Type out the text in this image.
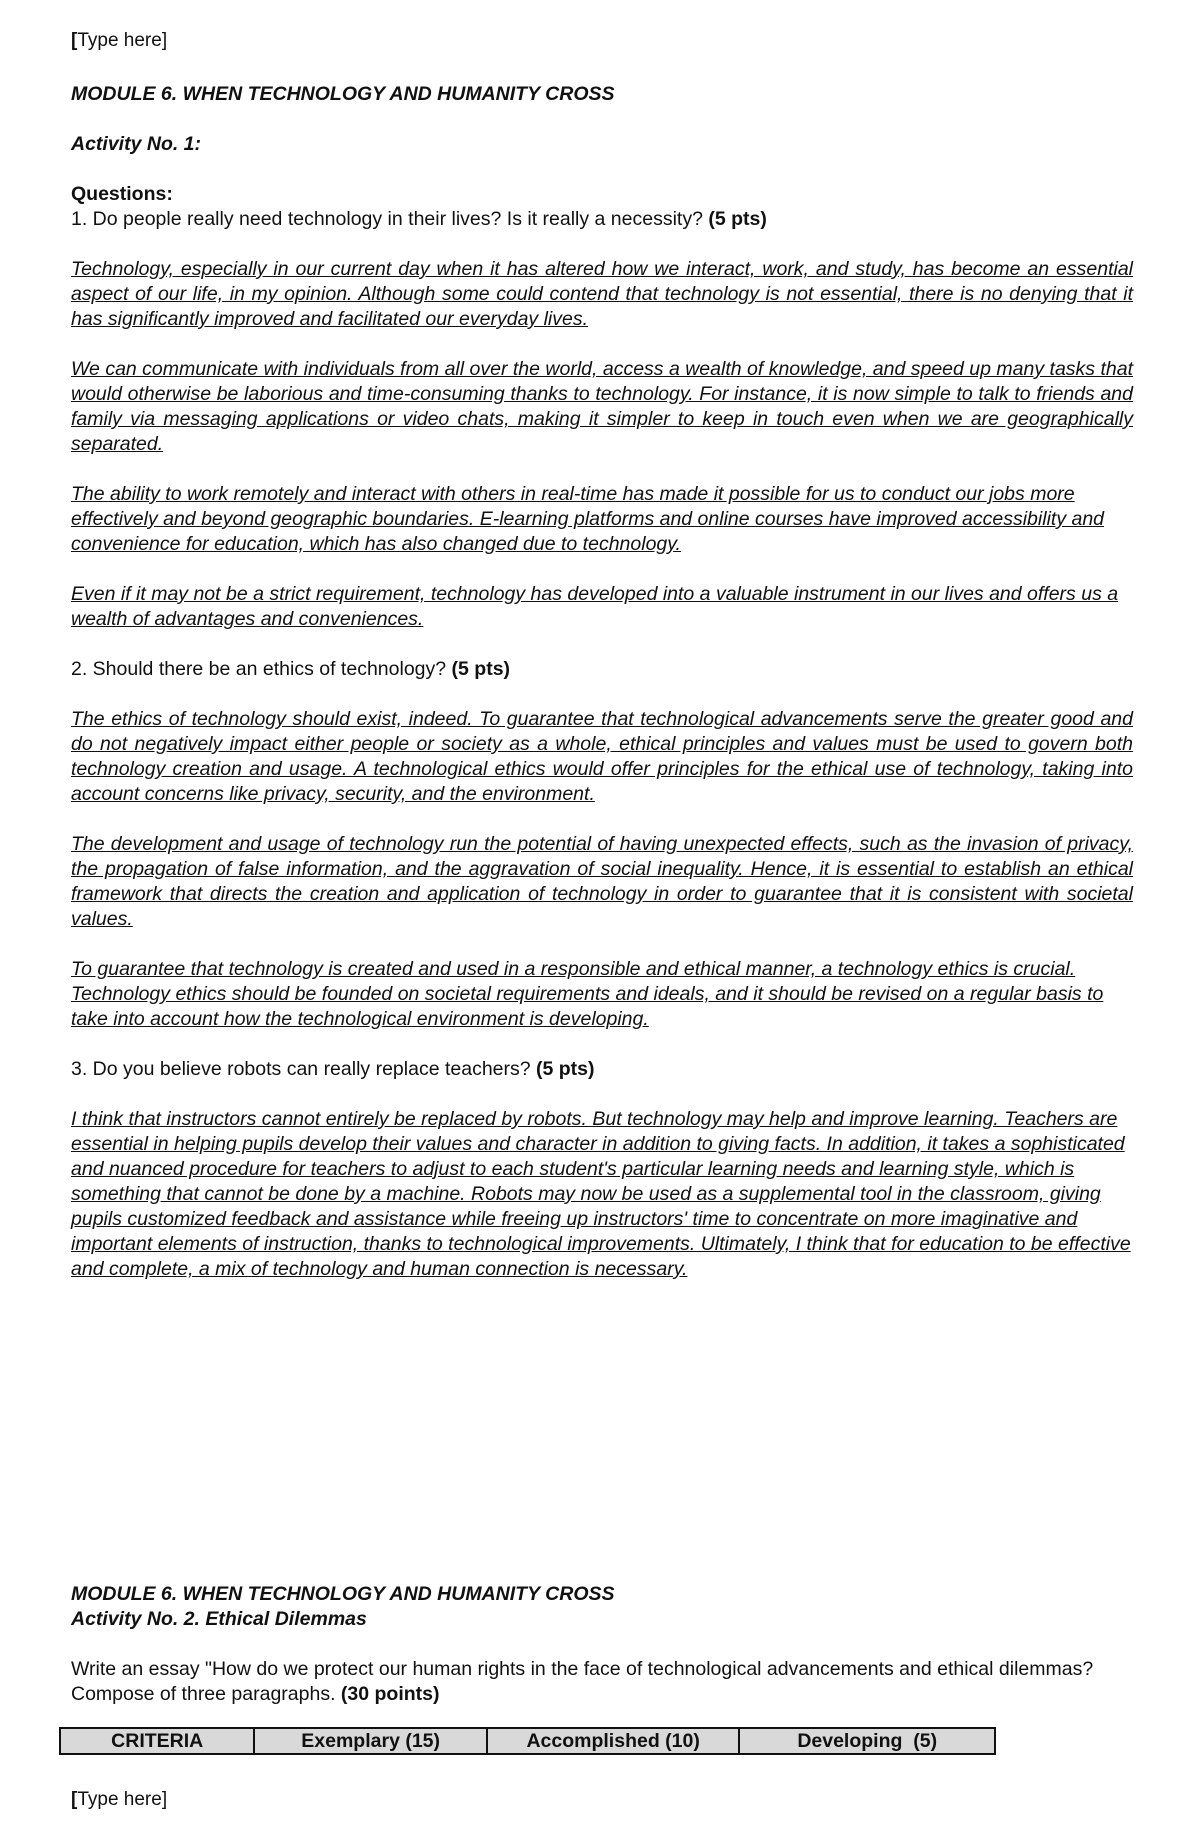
[Type here]
MODULE 6. WHEN TECHNOLOGY AND HUMANITY CROSS
Activity No. 1:
Questions:
1. Do people really need technology in their lives? Is it really a necessity? (5 pts)
Technology, especially in our current day when it has altered how we interact, work, and study, has become an essential aspect of our life, in my opinion. Although some could contend that technology is not essential, there is no denying that it has significantly improved and facilitated our everyday lives.
We can communicate with individuals from all over the world, access a wealth of knowledge, and speed up many tasks that would otherwise be laborious and time-consuming thanks to technology. For instance, it is now simple to talk to friends and family via messaging applications or video chats, making it simpler to keep in touch even when we are geographically separated.
The ability to work remotely and interact with others in real-time has made it possible for us to conduct our jobs more effectively and beyond geographic boundaries. E-learning platforms and online courses have improved accessibility and convenience for education, which has also changed due to technology.
Even if it may not be a strict requirement, technology has developed into a valuable instrument in our lives and offers us a wealth of advantages and conveniences.
2. Should there be an ethics of technology? (5 pts)
The ethics of technology should exist, indeed. To guarantee that technological advancements serve the greater good and do not negatively impact either people or society as a whole, ethical principles and values must be used to govern both technology creation and usage. A technological ethics would offer principles for the ethical use of technology, taking into account concerns like privacy, security, and the environment.
The development and usage of technology run the potential of having unexpected effects, such as the invasion of privacy, the propagation of false information, and the aggravation of social inequality. Hence, it is essential to establish an ethical framework that directs the creation and application of technology in order to guarantee that it is consistent with societal values.
To guarantee that technology is created and used in a responsible and ethical manner, a technology ethics is crucial. Technology ethics should be founded on societal requirements and ideals, and it should be revised on a regular basis to take into account how the technological environment is developing.
3. Do you believe robots can really replace teachers? (5 pts)
I think that instructors cannot entirely be replaced by robots. But technology may help and improve learning. Teachers are essential in helping pupils develop their values and character in addition to giving facts. In addition, it takes a sophisticated and nuanced procedure for teachers to adjust to each student's particular learning needs and learning style, which is something that cannot be done by a machine. Robots may now be used as a supplemental tool in the classroom, giving pupils customized feedback and assistance while freeing up instructors' time to concentrate on more imaginative and important elements of instruction, thanks to technological improvements. Ultimately, I think that for education to be effective and complete, a mix of technology and human connection is necessary.
MODULE 6. WHEN TECHNOLOGY AND HUMANITY CROSS
Activity No. 2. Ethical Dilemmas
Write an essay "How do we protect our human rights in the face of technological advancements and ethical dilemmas? Compose of three paragraphs. (30 points)
CRITERIA	Exemplary (15)	Accomplished (10)	Developing  (5)
[Type here]
